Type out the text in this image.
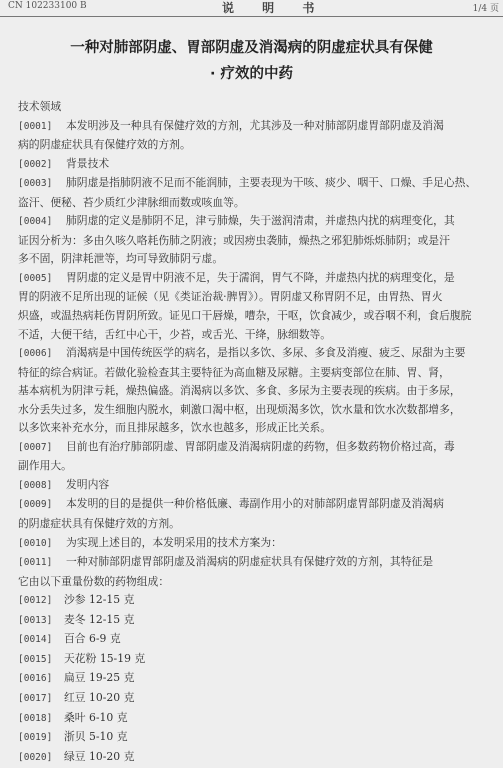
CN 102233100 B	说 明 书	1/4 页
一种对肺部阴虚、胃部阴虚及消渴病的阴虚症状具有保健
· 疗效的中药

技术领域

[0001] 本发明涉及一种具有保健疗效的方剂，尤其涉及一种对肺部阴虚胃部阴虚及消渴

病的阴虚症状具有保健疗效的方剂。

[0002] 背景技术

[0003] 肺阴虚是指肺阴液不足而不能润肺，主要表现为干咳、痰少、咽干、口燥、手足心热、

盗汗、便秘、苔少质红少津脉细而数或咳血等。

[0004] 肺阴虚的定义是肺阴不足，津亏肺燥，失于滋润清肃，并虚热内扰的病理变化，其

证因分析为：多由久咳久咯耗伤肺之阴液；或因痨虫袭肺，燥热之邪犯肺烁烁肺阴；或是汗

多不固，阴津耗泄等，均可导致肺阴亏虚。

[0005] 胃阴虚的定义是胃中阴液不足，失于濡润，胃气不降，并虚热内扰的病理变化，是

胃的阴液不足所出现的证候（见《类证治裁·脾胃》）。胃阴虚又称胃阴不足，由胃热、胃火

炽盛，或温热病耗伤胃阴所致。证见口干唇燥，嘈杂，干呕，饮食减少，或吞咽不利，食后腹脘

不适，大便干结，舌红中心干，少苔，或舌光、干绛，脉细数等。

[0006] 消渴病是中国传统医学的病名，是指以多饮、多尿、多食及消瘦、疲乏、尿甜为主要

特征的综合病证。若做化验检查其主要特征为高血糖及尿糖。主要病变部位在肺、胃、肾，

基本病机为阴津亏耗，燥热偏盛。消渴病以多饮、多食、多尿为主要表现的疾病。由于多尿，

水分丢失过多，发生细胞内脱水，刺激口渴中枢，出现烦渴多饮，饮水量和饮水次数都增多，

以多饮来补充水分，而且排尿越多，饮水也越多，形成正比关系。

[0007] 目前也有治疗肺部阴虚、胃部阴虚及消渴病阴虚的药物，但多数药物价格过高，毒

副作用大。

[0008] 发明内容

[0009] 本发明的目的是提供一种价格低廉、毒副作用小的对肺部阴虚胃部阴虚及消渴病

的阴虚症状具有保健疗效的方剂。

[0010] 为实现上述目的，本发明采用的技术方案为：

[0011] 一种对肺部阴虚胃部阴虚及消渴病的阴虚症状具有保健疗效的方剂，其特征是

它由以下重量份数的药物组成：

[0012] 沙参 12-15 克

[0013] 麦冬 12-15 克

[0014] 百合 6-9 克

[0015] 天花粉 15-19 克

[0016] 扁豆 19-25 克

[0017] 红豆 10-20 克

[0018] 桑叶 6-10 克

[0019] 浙贝 5-10 克

[0020] 绿豆 10-20 克
